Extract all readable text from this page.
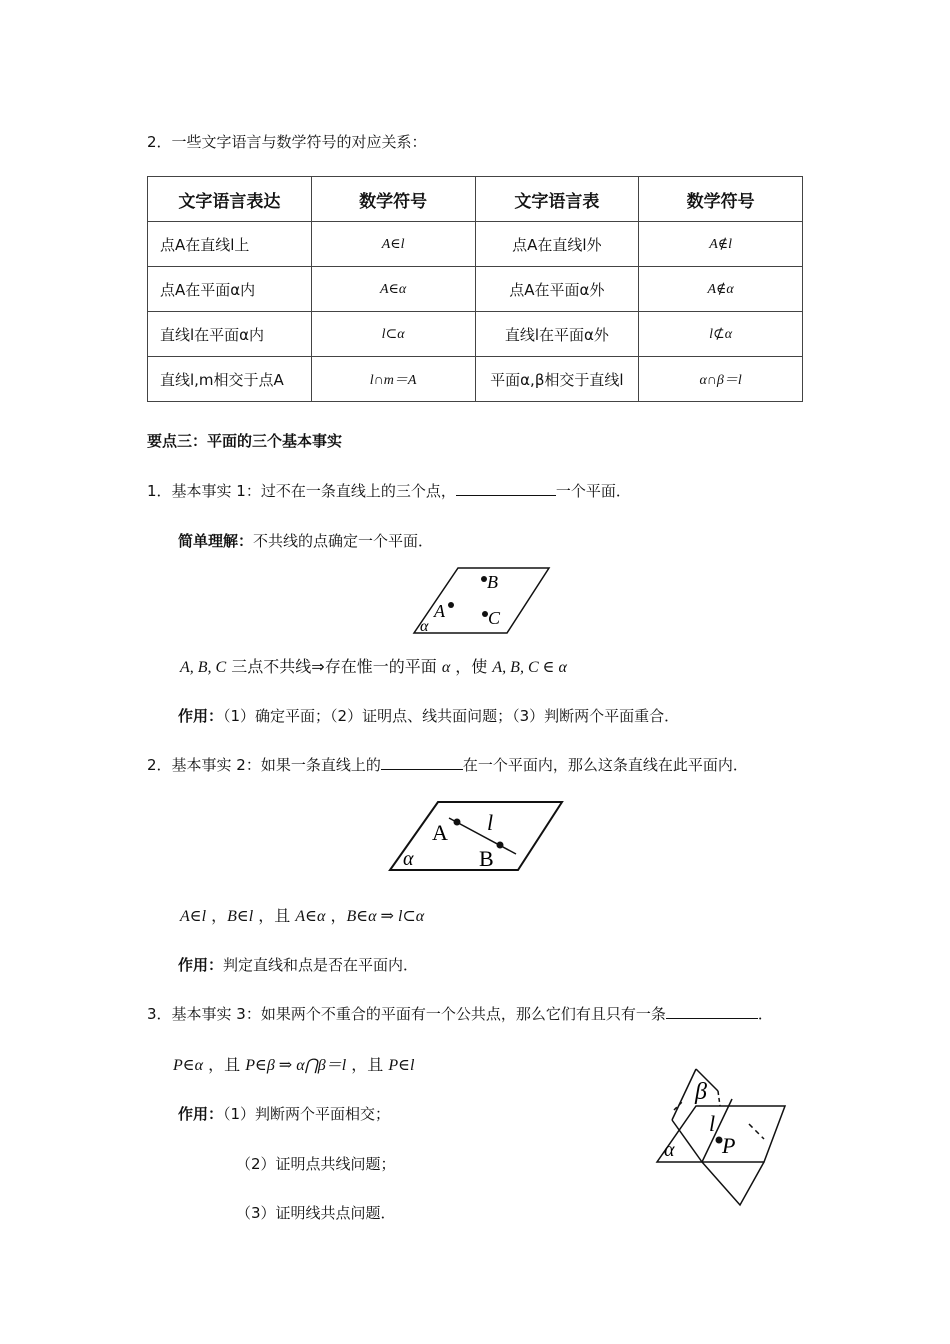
2．一些文字语言与数学符号的对应关系：
文字语言表达	数学符号	文字语言表	数学符号
点A在直线l上	A∈l	点A在直线l外	A∉l
点A在平面α内	A∈α	点A在平面α外	A∉α
直线l在平面α内	l⊂α	直线l在平面α外	l⊄α
直线l,m相交于点A	l∩m＝A	平面α,β相交于直线l	α∩β＝l
要点三：平面的三个基本事实
1．基本事实 1：过不在一条直线上的三个点，	一个平面．
简单理解：不共线的点确定一个平面．
A
B
C
α
A, B, C 三点不共线⇒存在惟一的平面 α ，使 A, B, C ∈ α
作用：（1）确定平面；（2）证明点、线共面问题；（3）判断两个平面重合．
2．基本事实 2：如果一条直线上的	在一个平面内，那么这条直线在此平面内．
A l
B
α
A∈l ，B∈l ，且 A∈α ，B∈α ⇒ l⊂α
作用：判定直线和点是否在平面内．
3．基本事实 3：如果两个不重合的平面有一个公共点，那么它们有且只有一条	．
P∈α ，且 P∈β ⇒ α⋂β＝l ，且 P∈l
作用：（1）判断两个平面相交；
（2）证明点共线问题；
（3）证明线共点问题．
β
l
P
α
